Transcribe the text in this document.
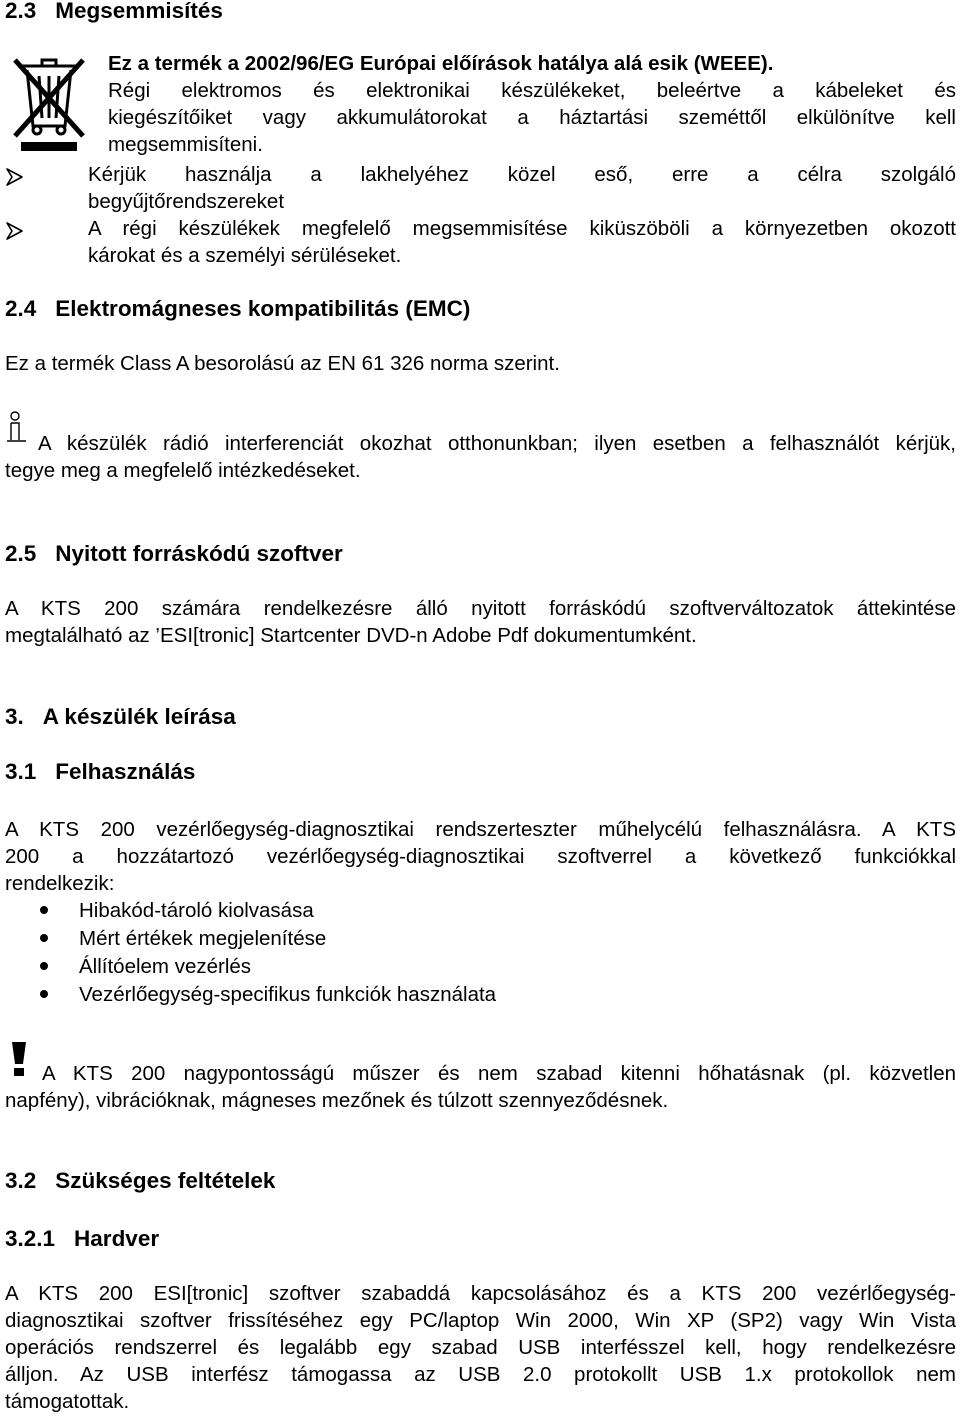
2.3 Megsemmisítés
Ez a termék a 2002/96/EG Európai előírások hatálya alá esik (WEEE).
Régi elektromos és elektronikai készülékeket, beleértve a kábeleket és
kiegészítőiket vagy akkumulátorokat a háztartási szeméttől elkülönítve kell
megsemmisíteni.
Kérjük használja a lakhelyéhez közel eső, erre a célra szolgáló
begyűjtőrendszereket
A régi készülékek megfelelő megsemmisítése kiküszöböli a környezetben okozott
károkat és a személyi sérüléseket.
2.4 Elektromágneses kompatibilitás (EMC)
Ez a termék Class A besorolású az EN 61 326 norma szerint.
A készülék rádió interferenciát okozhat otthonunkban; ilyen esetben a felhasználót kérjük,
tegye meg a megfelelő intézkedéseket.
2.5 Nyitott forráskódú szoftver
A KTS 200 számára rendelkezésre álló nyitott forráskódú szoftverváltozatok áttekintése
megtalálható az ’ESI[tronic] Startcenter DVD-n Adobe Pdf dokumentumként.
3. A készülék leírása
3.1 Felhasználás
A KTS 200 vezérlőegység-diagnosztikai rendszerteszter műhelycélú felhasználásra. A KTS
200 a hozzátartozó vezérlőegység-diagnosztikai szoftverrel a következő funkciókkal
rendelkezik:
Hibakód-tároló kiolvasása
Mért értékek megjelenítése
Állítóelem vezérlés
Vezérlőegység-specifikus funkciók használata
A KTS 200 nagypontosságú műszer és nem szabad kitenni hőhatásnak (pl. közvetlen
napfény), vibrációknak, mágneses mezőnek és túlzott szennyeződésnek.
3.2 Szükséges feltételek
3.2.1 Hardver
A KTS 200 ESI[tronic] szoftver szabaddá kapcsolásához és a KTS 200 vezérlőegység-
diagnosztikai szoftver frissítéséhez egy PC/laptop Win 2000, Win XP (SP2) vagy Win Vista
operációs rendszerrel és legalább egy szabad USB interfésszel kell, hogy rendelkezésre
álljon. Az USB interfész támogassa az USB 2.0 protokollt USB 1.x protokollok nem
támogatottak.
